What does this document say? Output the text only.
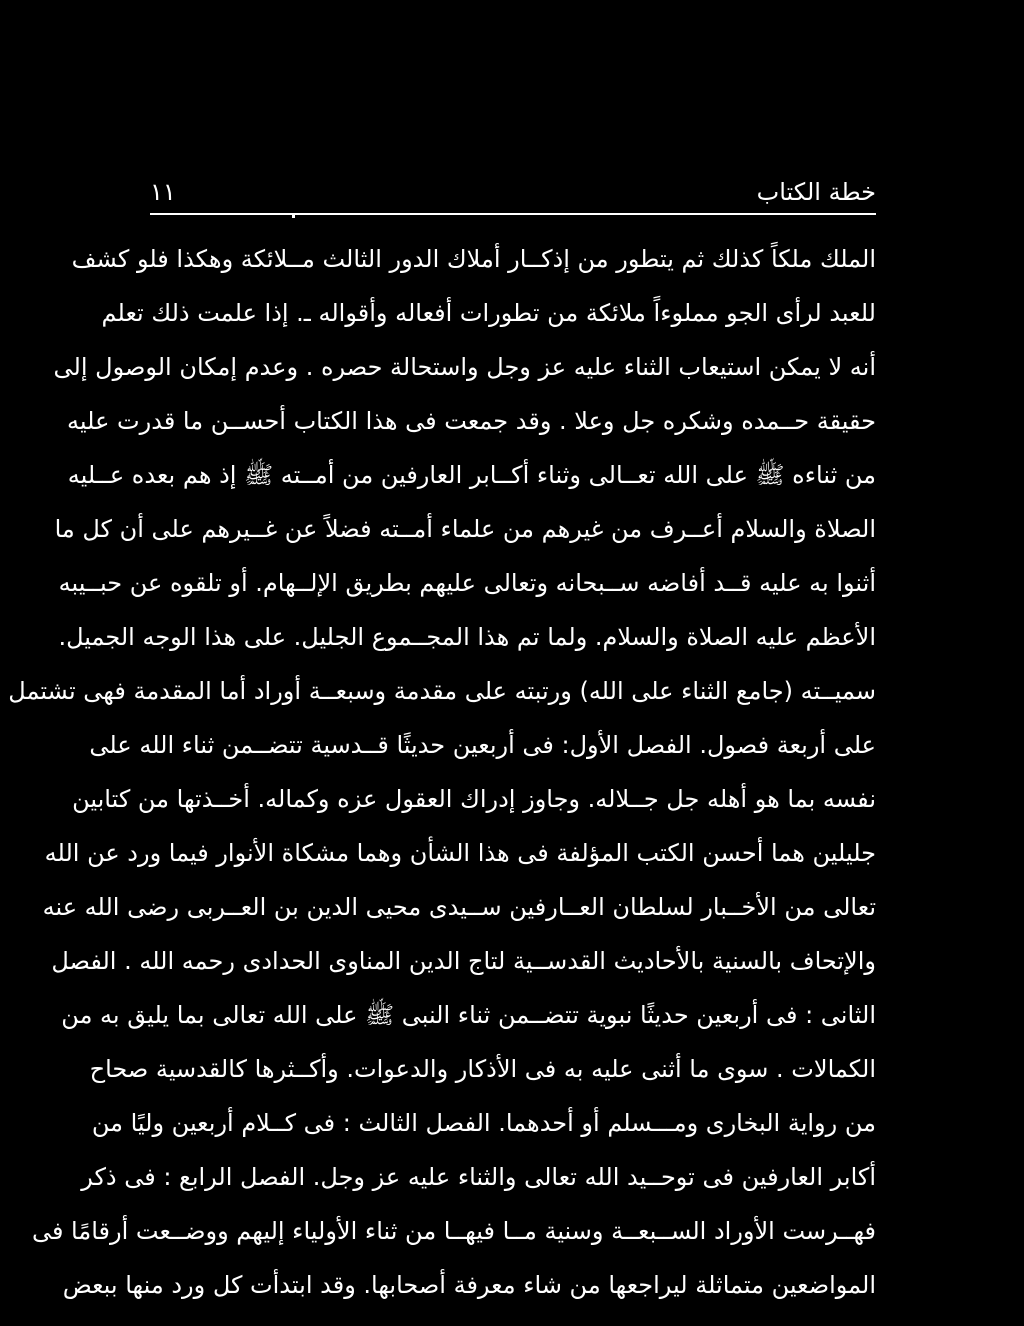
١١	خطة الكتاب
الملك ملكاً كذلك ثم يتطور من إذكــار أملاك الدور الثالث مــلائكة وهكذا فلو كشف
للعبد لرأى الجو مملوءاً ملائكة من تطورات أفعاله وأقواله ـ. إذا علمت ذلك تعلم
أنه لا يمكن استيعاب الثناء عليه عز وجل واستحالة حصره . وعدم إمكان الوصول إلى
حقيقة حــمده وشكره جل وعلا . وقد جمعت فى هذا الكتاب أحســن ما قدرت عليه
من ثناءه ﷺ على الله تعــالى وثناء أكــابر العارفين من أمــته ﷺ إذ هم بعده عــليه
الصلاة والسلام أعــرف من غيرهم من علماء أمــته فضلاً عن غــيرهم على أن كل ما
أثنوا به عليه قــد أفاضه ســبحانه وتعالى عليهم بطريق الإلــهام. أو تلقوه عن حبــيبه
الأعظم عليه الصلاة والسلام. ولما تم هذا المجــموع الجليل. على هذا الوجه الجميل.
سميــته (جامع الثناء على الله) ورتبته على مقدمة وسبعــة أوراد أما المقدمة فهى تشتمل
على أربعة فصول. الفصل الأول: فى أربعين حديثًا قــدسية تتضــمن ثناء الله على
نفسه بما هو أهله جل جــلاله. وجاوز إدراك العقول عزه وكماله. أخــذتها من كتابين
جليلين هما أحسن الكتب المؤلفة فى هذا الشأن وهما مشكاة الأنوار فيما ورد عن الله
تعالى من الأخــبار لسلطان العــارفين ســيدى محيى الدين بن العــربى رضى الله عنه
والإتحاف بالسنية بالأحاديث القدســية لتاج الدين المناوى الحدادى رحمه الله . الفصل
الثانى : فى أربعين حديثًا نبوية تتضــمن ثناء النبى ﷺ على الله تعالى بما يليق به من
الكمالات . سوى ما أثنى عليه به فى الأذكار والدعوات. وأكــثرها كالقدسية صحاح
من رواية البخارى ومـــسلم أو أحدهما. الفصل الثالث : فى كــلام أربعين وليًا من
أكابر العارفين فى توحــيد الله تعالى والثناء عليه عز وجل. الفصل الرابع : فى ذكر
فهــرست الأوراد الســبعــة وسنية مــا فيهــا من ثناء الأولياء إليهم ووضــعت أرقامًا فى
المواضعين متماثلة ليراجعها من شاء معرفة أصحابها. وقد ابتدأت كل ورد منها ببعض
